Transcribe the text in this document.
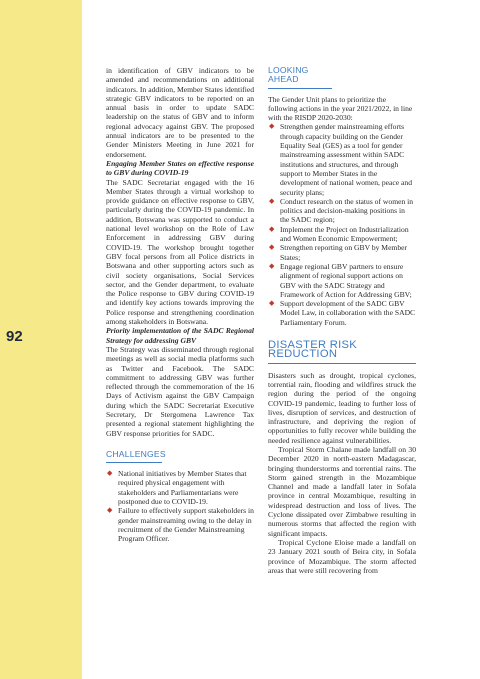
92

in identification of GBV indicators to be amended and recommendations on additional indicators. In addition, Member States identified strategic GBV indicators to be reported on an annual basis in order to update SADC leadership on the status of GBV and to inform regional advocacy against GBV. The proposed annual indicators are to be presented to the Gender Ministers Meeting in June 2021 for endorsement.

Engaging Member States on effective response to GBV during COVID-19

The SADC Secretariat engaged with the 16 Member States through a virtual workshop to provide guidance on effective response to GBV, particularly during the COVID-19 pandemic. In addition, Botswana was supported to conduct a national level workshop on the Role of Law Enforcement in addressing GBV during COVID-19. The workshop brought together GBV focal persons from all Police districts in Botswana and other supporting actors such as civil society organisations, Social Services sector, and the Gender department, to evaluate the Police response to GBV during COVID-19 and identify key actions towards improving the Police response and strengthening coordination among stakeholders in Botswana.

Priority implementation of the SADC Regional Strategy for addressing GBV

The Strategy was disseminated through regional meetings as well as social media platforms such as Twitter and Facebook. The SADC commitment to addressing GBV was further reflected through the commemoration of the 16 Days of Activism against the GBV Campaign during which the SADC Secretariat Executive Secretary, Dr Stergomena Lawrence Tax presented a regional statement highlighting the GBV response priorities for SADC.

CHALLENGES
◆ National initiatives by Member States that required physical engagement with stakeholders and Parliamentarians were postponed due to COVID-19.
◆ Failure to effectively support stakeholders in gender mainstreaming owing to the delay in recruitment of the Gender Mainstreaming Program Officer.
LOOKING AHEAD

The Gender Unit plans to prioritize the following actions in the year 2021/2022, in line with the RISDP 2020-2030:

◆ Strengthen gender mainstreaming efforts through capacity building on the Gender Equality Seal (GES) as a tool for gender mainstreaming assessment within SADC institutions and structures, and through support to Member States in the development of national women, peace and security plans;
◆ Conduct research on the status of women in politics and decision-making positions in the SADC region;
◆ Implement the Project on Industrialization and Women Economic Empowerment;
◆ Strengthen reporting on GBV by Member States;
◆ Engage regional GBV partners to ensure alignment of regional support actions on GBV with the SADC Strategy and Framework of Action for Addressing GBV;
◆ Support development of the SADC GBV Model Law, in collaboration with the SADC Parliamentary Forum.
DISASTER RISK REDUCTION

Disasters such as drought, tropical cyclones, torrential rain, flooding and wildfires struck the region during the period of the ongoing COVID-19 pandemic, leading to further loss of lives, disruption of services, and destruction of infrastructure, and depriving the region of opportunities to fully recover while building the needed resilience against vulnerabilities.

Tropical Storm Chalane made landfall on 30 December 2020 in north-eastern Madagascar, bringing thunderstorms and torrential rains. The Storm gained strength in the Mozambique Channel and made a landfall later in Sofala province in central Mozambique, resulting in widespread destruction and loss of lives. The Cyclone dissipated over Zimbabwe resulting in numerous storms that affected the region with significant impacts.

Tropical Cyclone Eloise made a landfall on 23 January 2021 south of Beira city, in Sofala province of Mozambique. The storm affected areas that were still recovering from
